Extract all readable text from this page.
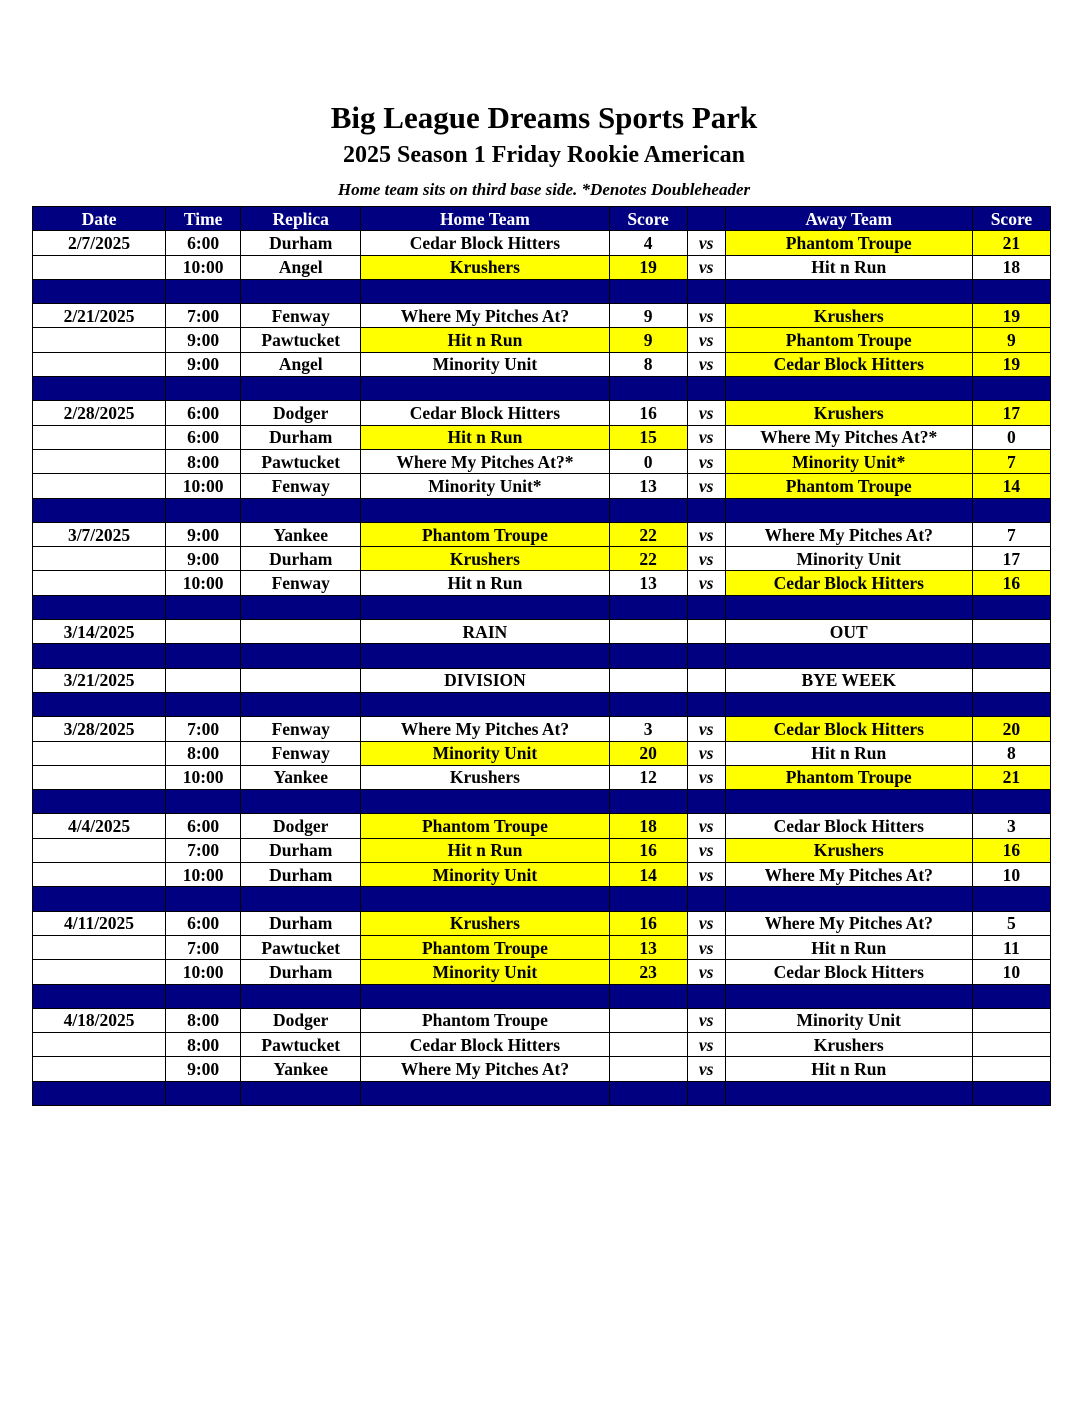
Big League Dreams Sports Park
2025 Season 1 Friday Rookie American
Home team sits on third base side. *Denotes Doubleheader
Date	Time	Replica	Home Team	Score		Away Team	Score
2/7/2025	6:00	Durham	Cedar Block Hitters	4	vs	Phantom Troupe	21
	10:00	Angel	Krushers	19	vs	Hit n Run	18

2/21/2025	7:00	Fenway	Where My Pitches At?	9	vs	Krushers	19
	9:00	Pawtucket	Hit n Run	9	vs	Phantom Troupe	9
	9:00	Angel	Minority Unit	8	vs	Cedar Block Hitters	19

2/28/2025	6:00	Dodger	Cedar Block Hitters	16	vs	Krushers	17
	6:00	Durham	Hit n Run	15	vs	Where My Pitches At?*	0
	8:00	Pawtucket	Where My Pitches At?*	0	vs	Minority Unit*	7
	10:00	Fenway	Minority Unit*	13	vs	Phantom Troupe	14

3/7/2025	9:00	Yankee	Phantom Troupe	22	vs	Where My Pitches At?	7
	9:00	Durham	Krushers	22	vs	Minority Unit	17
	10:00	Fenway	Hit n Run	13	vs	Cedar Block Hitters	16

3/14/2025			RAIN			OUT	

3/21/2025			DIVISION			BYE WEEK	

3/28/2025	7:00	Fenway	Where My Pitches At?	3	vs	Cedar Block Hitters	20
	8:00	Fenway	Minority Unit	20	vs	Hit n Run	8
	10:00	Yankee	Krushers	12	vs	Phantom Troupe	21

4/4/2025	6:00	Dodger	Phantom Troupe	18	vs	Cedar Block Hitters	3
	7:00	Durham	Hit n Run	16	vs	Krushers	16
	10:00	Durham	Minority Unit	14	vs	Where My Pitches At?	10

4/11/2025	6:00	Durham	Krushers	16	vs	Where My Pitches At?	5
	7:00	Pawtucket	Phantom Troupe	13	vs	Hit n Run	11
	10:00	Durham	Minority Unit	23	vs	Cedar Block Hitters	10

4/18/2025	8:00	Dodger	Phantom Troupe		vs	Minority Unit	
	8:00	Pawtucket	Cedar Block Hitters		vs	Krushers	
	9:00	Yankee	Where My Pitches At?		vs	Hit n Run	
